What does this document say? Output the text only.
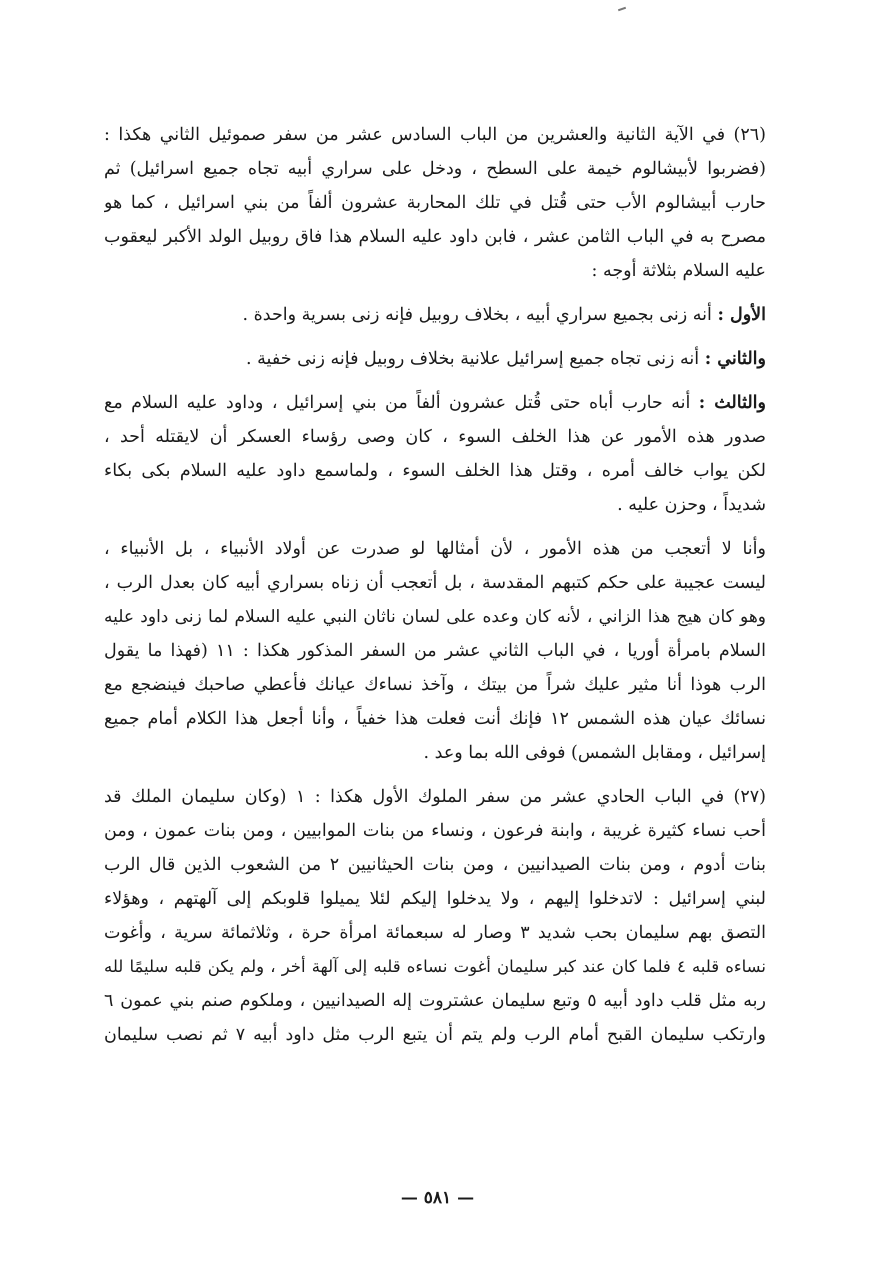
(٢٦) في الآية الثانية والعشرين من الباب السادس عشر من سفر صموئيل الثاني هكذا :
(فضربوا لأبيشالوم خيمة على السطح ، ودخل على سراري أبيه تجاه جميع اسرائيل) ثم
حارب أبيشالوم الأب حتى قُتل في تلك المحاربة عشرون ألفاً من بني اسرائيل ، كما هو
مصرح به في الباب الثامن عشر ، فابن داود عليه السلام هذا فاق روبيل الولد الأكبر ليعقوب
عليه السلام بثلاثة أوجه :
الأول : أنه زنى بجميع سراري أبيه ، بخلاف روبيل فإنه زنى بسرية واحدة .
والثاني : أنه زنى تجاه جميع إسرائيل علانية بخلاف روبيل فإنه زنى خفية .
والثالث : أنه حارب أباه حتى قُتل عشرون ألفاً من بني إسرائيل ، وداود عليه السلام مع
صدور هذه الأمور عن هذا الخلف السوء ، كان وصى رؤساء العسكر أن لايقتله أحد ،
لكن يواب خالف أمره ، وقتل هذا الخلف السوء ، ولماسمع داود عليه السلام بكى بكاء
شديداً ، وحزن عليه .
وأنا لا أتعجب من هذه الأمور ، لأن أمثالها لو صدرت عن أولاد الأنبياء ، بل الأنبياء ،
ليست عجيبة على حكم كتبهم المقدسة ، بل أتعجب أن زناه بسراري أبيه كان بعدل الرب ،
وهو كان هيج هذا الزاني ، لأنه كان وعده على لسان ناثان النبي عليه السلام لما زنى داود عليه
السلام بامرأة أوريا ، في الباب الثاني عشر من السفر المذكور هكذا : ١١ (فهذا ما يقول
الرب هوذا أنا مثير عليك شراً من بيتك ، وآخذ نساءك عيانك فأعطي صاحبك فينضجع مع
نسائك عيان هذه الشمس ١٢ فإنك أنت فعلت هذا خفياً ، وأنا أجعل هذا الكلام أمام جميع
إسرائيل ، ومقابل الشمس) فوفى الله بما وعد .
(٢٧) في الباب الحادي عشر من سفر الملوك الأول هكذا : ١ (وكان سليمان الملك قد
أحب نساء كثيرة غريبة ، وابنة فرعون ، ونساء من بنات الموابيين ، ومن بنات عمون ، ومن
بنات أدوم ، ومن بنات الصيدانيين ، ومن بنات الحيثانيين ٢ من الشعوب الذين قال الرب
لبني إسرائيل : لاتدخلوا إليهم ، ولا يدخلوا إليكم لئلا يميلوا قلوبكم إلى آلهتهم ، وهؤلاء
التصق بهم سليمان بحب شديد ٣ وصار له سبعمائة امرأة حرة ، وثلاثمائة سرية ، وأغوت
نساءه قلبه ٤ فلما كان عند كبر سليمان أغوت نساءه قلبه إلى آلهة أخر ، ولم يكن قلبه سليمًا لله
ربه مثل قلب داود أبيه ٥ وتبع سليمان عشتروت إله الصيدانيين ، وملكوم صنم بني عمون ٦
وارتكب سليمان القبح أمام الرب ولم يتم أن يتبع الرب مثل داود أبيه ٧ ثم نصب سليمان
— ٥٨١ —
